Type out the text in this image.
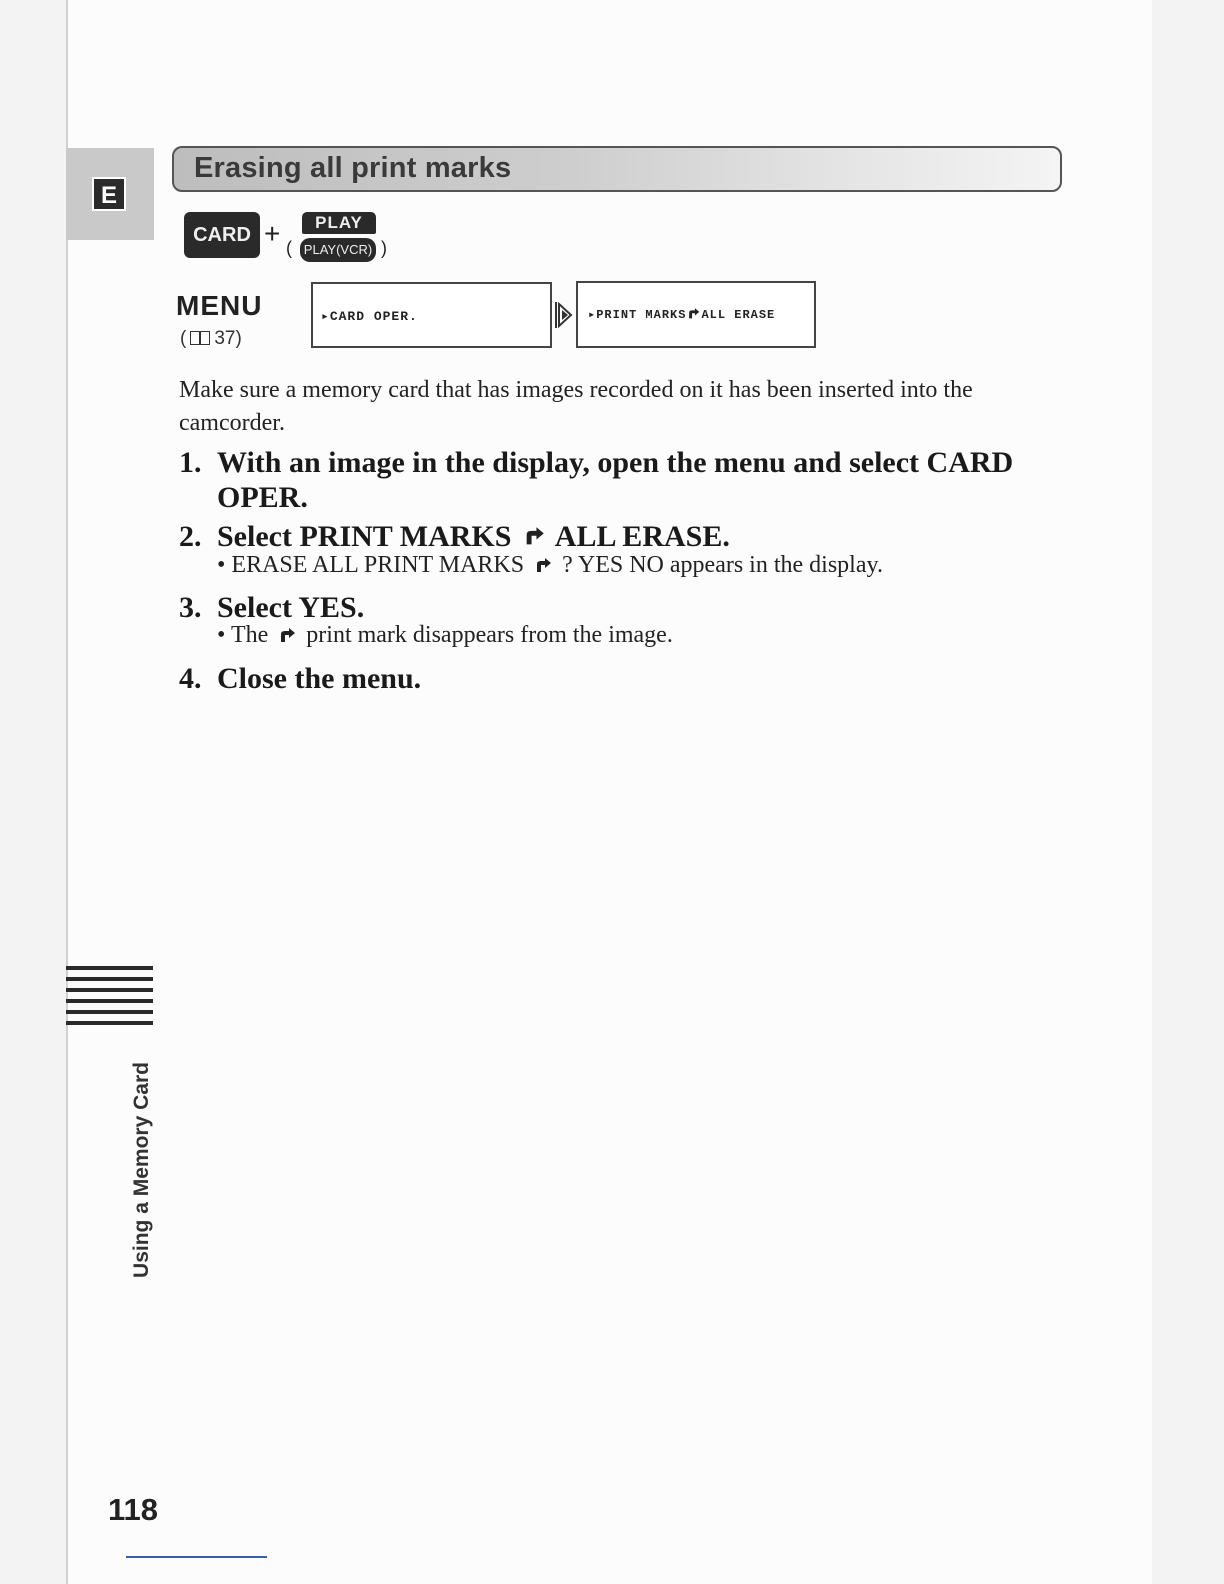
E
Erasing all print marks
CARD + (
PLAY
PLAY(VCR) )
MENU
( 37)
▸CARD OPER.	▸PRINT MARKS ALL ERASE
Make sure a memory card that has images recorded on it has been inserted into the camcorder.
1. With an image in the display, open the menu and select CARD OPER.
2. Select PRINT MARKS ALL ERASE.
• ERASE ALL PRINT MARKS ? YES NO appears in the display.
3. Select YES.
• The print mark disappears from the image.
4. Close the menu.
Using a Memory Card
118
